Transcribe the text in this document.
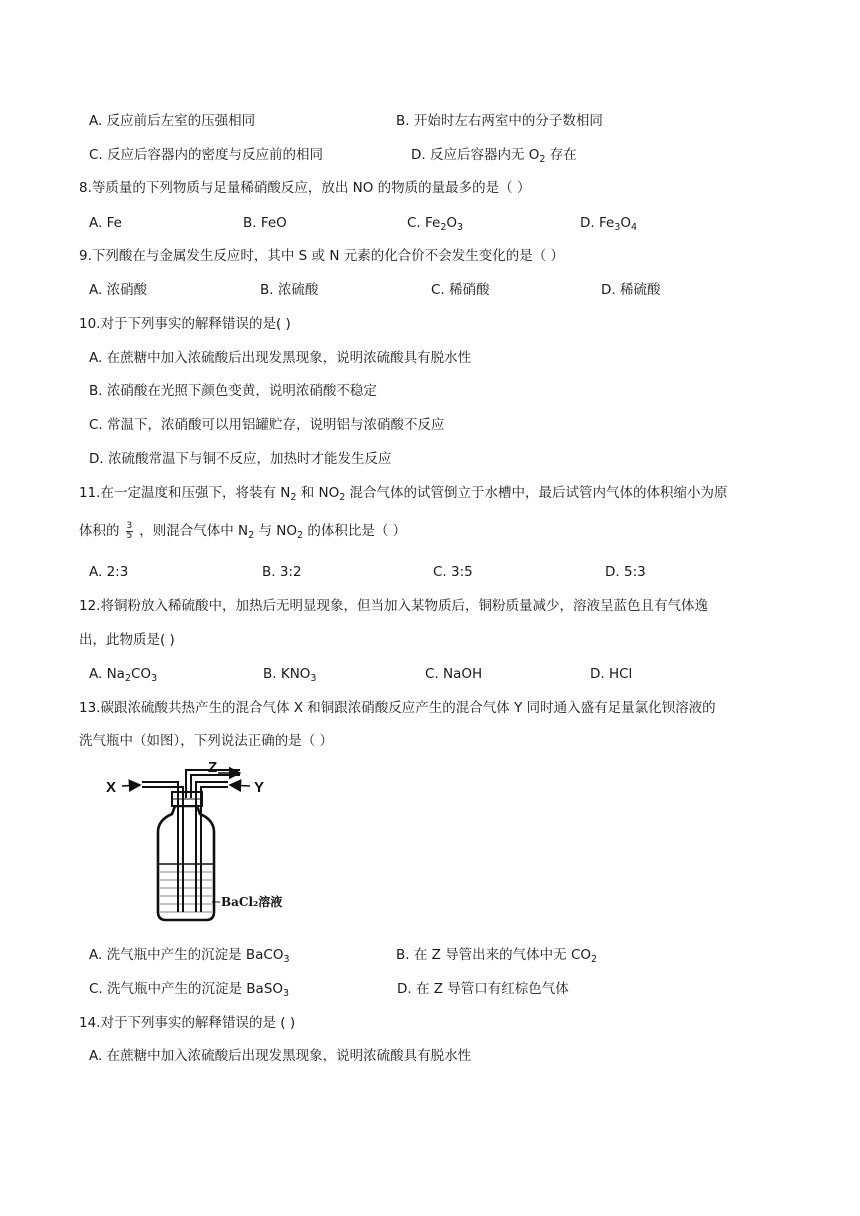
A. 反应前后左室的压强相同	B. 开始时左右两室中的分子数相同
C. 反应后容器内的密度与反应前的相同	D. 反应后容器内无 $O_2$ 存在
8.等质量的下列物质与足量稀硝酸反应，放出 NO 的物质的量最多的是（ ）
A. Fe	B. FeO	C. $Fe_2O_3$	D. $Fe_3O_4$
9.下列酸在与金属发生反应时，其中 S 或 N 元素的化合价不会发生变化的是（ ）
A. 浓硝酸	B. 浓硫酸	C. 稀硝酸	D. 稀硫酸
10.对于下列事实的解释错误的是( )
A. 在蔗糖中加入浓硫酸后出现发黑现象，说明浓硫酸具有脱水性
B. 浓硝酸在光照下颜色变黄，说明浓硝酸不稳定
C. 常温下，浓硝酸可以用铝罐贮存，说明铝与浓硝酸不反应
D. 浓硫酸常温下与铜不反应，加热时才能发生反应
11.在一定温度和压强下，将装有 $N_2$ 和 $NO_2$ 混合气体的试管倒立于水槽中，最后试管内气体的体积缩小为原
体积的 $\frac{3}{5}$ ，则混合气体中 $N_2$ 与 $NO_2$ 的体积比是（ ）
A. 2:3	B. 3:2	C. 3:5	D. 5:3
12.将铜粉放入稀硫酸中，加热后无明显现象，但当加入某物质后，铜粉质量减少，溶液呈蓝色且有气体逸
出，此物质是( )
A. $Na_2CO_3$	B. $KNO_3$	C. NaOH	D. HCl
13.碳跟浓硫酸共热产生的混合气体 X 和铜跟浓硝酸反应产生的混合气体 Y 同时通入盛有足量氯化钡溶液的
洗气瓶中（如图），下列说法正确的是（ ）
X	Y
Z
BaCl₂溶液
A. 洗气瓶中产生的沉淀是 BaCO$_3$	B. 在 Z 导管出来的气体中无 $CO_2$
C. 洗气瓶中产生的沉淀是 BaSO$_3$	D. 在 Z 导管口有红棕色气体
14.对于下列事实的解释错误的是 ( )
A. 在蔗糖中加入浓硫酸后出现发黑现象，说明浓硫酸具有脱水性
